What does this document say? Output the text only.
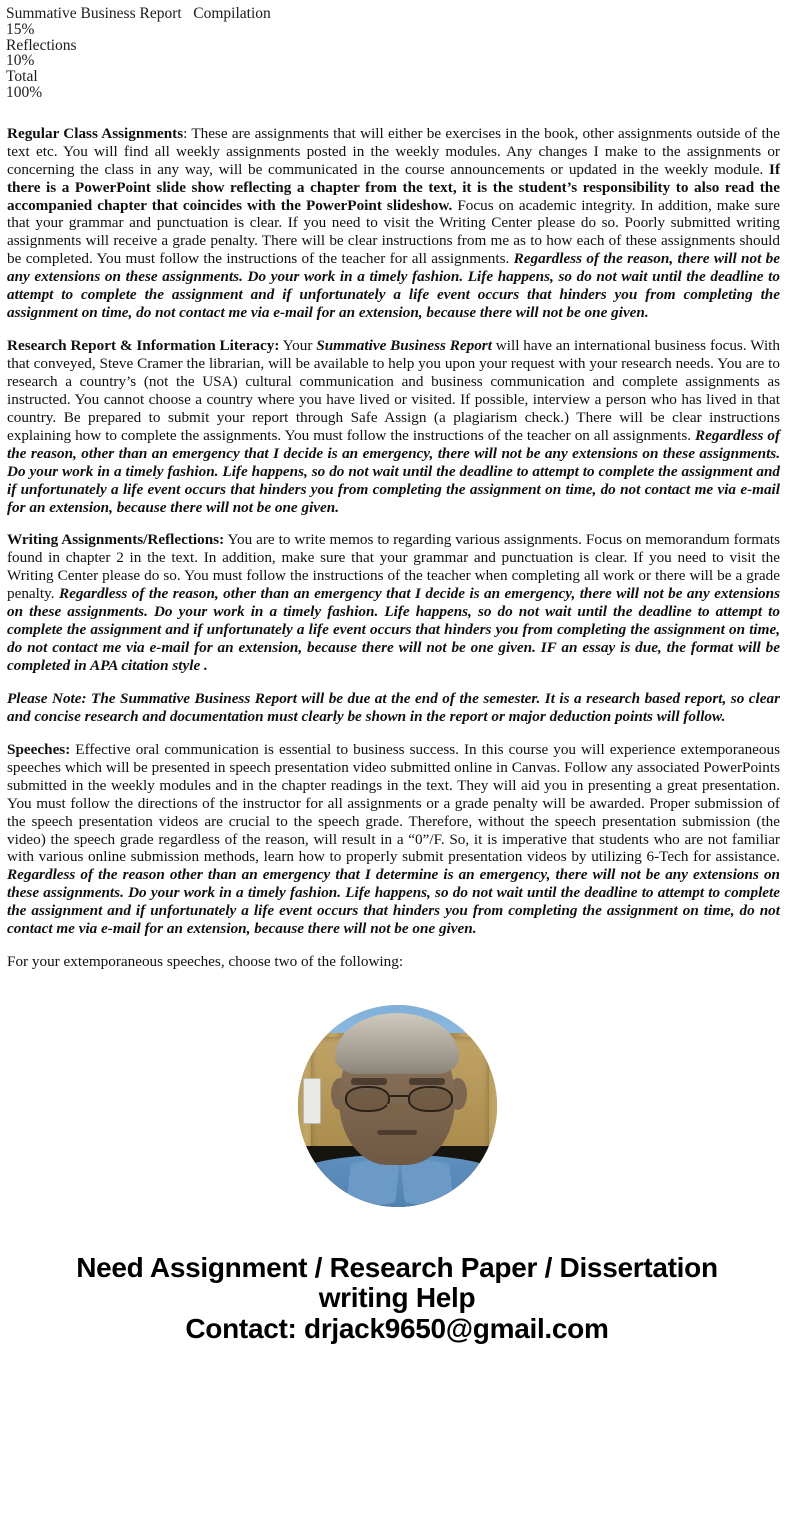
Summative Business Report   Compilation
15%
Reflections
10%
Total
100%

Regular Class Assignments: These are assignments that will either be exercises in the book, other assignments outside of the text etc. You will find all weekly assignments posted in the weekly modules. Any changes I make to the assignments or concerning the class in any way, will be communicated in the course announcements or updated in the weekly module. If there is a PowerPoint slide show reflecting a chapter from the text, it is the student’s responsibility to also read the accompanied chapter that coincides with the PowerPoint slideshow. Focus on academic integrity. In addition, make sure that your grammar and punctuation is clear. If you need to visit the Writing Center please do so. Poorly submitted writing assignments will receive a grade penalty. There will be clear instructions from me as to how each of these assignments should be completed. You must follow the instructions of the teacher for all assignments. Regardless of the reason, there will not be any extensions on these assignments. Do your work in a timely fashion. Life happens, so do not wait until the deadline to attempt to complete the assignment and if unfortunately a life event occurs that hinders you from completing the assignment on time, do not contact me via e-mail for an extension, because there will not be one given.

Research Report & Information Literacy: Your Summative Business Report will have an international business focus. With that conveyed, Steve Cramer the librarian, will be available to help you upon your request with your research needs. You are to research a country’s (not the USA) cultural communication and business communication and complete assignments as instructed. You cannot choose a country where you have lived or visited. If possible, interview a person who has lived in that country. Be prepared to submit your report through Safe Assign (a plagiarism check.) There will be clear instructions explaining how to complete the assignments. You must follow the instructions of the teacher on all assignments. Regardless of the reason, other than an emergency that I decide is an emergency, there will not be any extensions on these assignments. Do your work in a timely fashion. Life happens, so do not wait until the deadline to attempt to complete the assignment and if unfortunately a life event occurs that hinders you from completing the assignment on time, do not contact me via e-mail for an extension, because there will not be one given.

Writing Assignments/Reflections: You are to write memos to regarding various assignments. Focus on memorandum formats found in chapter 2 in the text. In addition, make sure that your grammar and punctuation is clear. If you need to visit the Writing Center please do so. You must follow the instructions of the teacher when completing all work or there will be a grade penalty. Regardless of the reason, other than an emergency that I decide is an emergency, there will not be any extensions on these assignments. Do your work in a timely fashion. Life happens, so do not wait until the deadline to attempt to complete the assignment and if unfortunately a life event occurs that hinders you from completing the assignment on time, do not contact me via e-mail for an extension, because there will not be one given. IF an essay is due, the format will be completed in APA citation style .

Please Note: The Summative Business Report will be due at the end of the semester. It is a research based report, so clear and concise research and documentation must clearly be shown in the report or major deduction points will follow.

Speeches: Effective oral communication is essential to business success. In this course you will experience extemporaneous speeches which will be presented in speech presentation video submitted online in Canvas. Follow any associated PowerPoints submitted in the weekly modules and in the chapter readings in the text. They will aid you in presenting a great presentation. You must follow the directions of the instructor for all assignments or a grade penalty will be awarded. Proper submission of the speech presentation videos are crucial to the speech grade. Therefore, without the speech presentation submission (the video) the speech grade regardless of the reason, will result in a “0”/F. So, it is imperative that students who are not familiar with various online submission methods, learn how to properly submit presentation videos by utilizing 6-Tech for assistance. Regardless of the reason other than an emergency that I determine is an emergency, there will not be any extensions on these assignments. Do your work in a timely fashion. Life happens, so do not wait until the deadline to attempt to complete the assignment and if unfortunately a life event occurs that hinders you from completing the assignment on time, do not contact me via e-mail for an extension, because there will not be one given.

For your extemporaneous speeches, choose two of the following:

Need Assignment / Research Paper / Dissertation
writing Help
Contact: drjack9650@gmail.com
